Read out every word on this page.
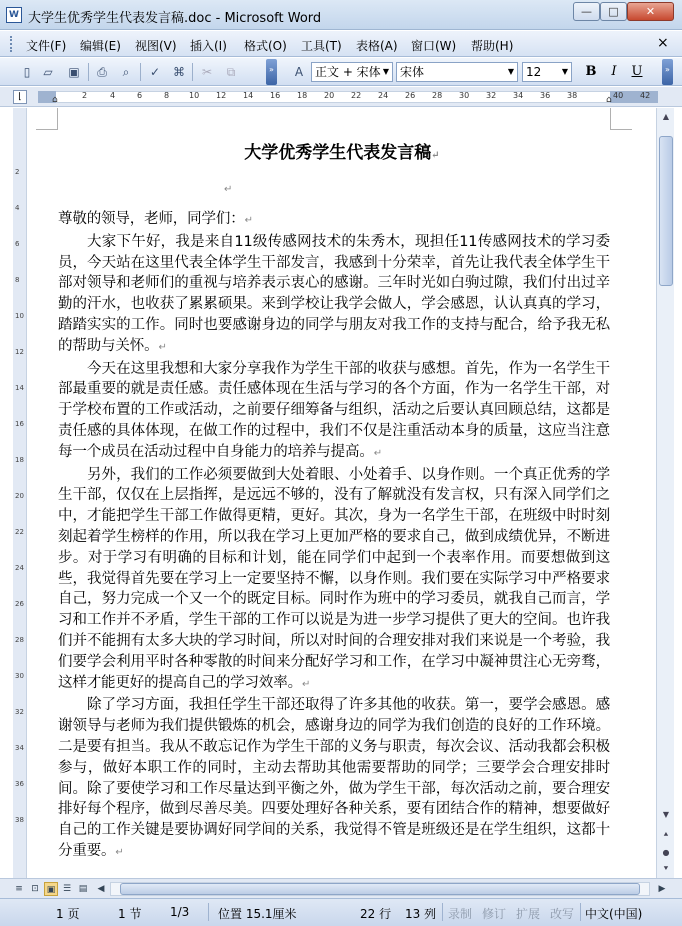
W 大学生优秀学生代表发言稿.doc - Microsoft Word	—	□	✕
文件(F) 编辑(E) 视图(V) 插入(I) 格式(O) 工具(T) 表格(A) 窗口(W) 帮助(H)	×
▯	▱	▣	⎙	⌕	✓	⌘	✂	⧉	»	A 正文 + 宋体 ▼ 宋体	▼ 12	▼ B	I	U	»
⌊	⌂	⌂
2	4	6	8 10 12 14 16 18 20 22 24 26 28 30 32 34 36 38	40 42
2
4
6
8
10
12
14
16
18
20
22
24
26
28
30
32
34
36
38
大学优秀学生代表发言稿↵
↵

尊敬的领导，老师，同学们：↵

大家下午好，我是来自11级传感网技术的朱秀木，现担任11传感网技术的学习委员，今天站在这里代表全体学生干部发言，我感到十分荣幸，首先让我代表全体学生干部对领导和老师们的重视与培养表示衷心的感谢。三年时光如白驹过隙，我们付出过辛勤的汗水，也收获了累累硕果。来到学校让我学会做人，学会感恩，认认真真的学习，踏踏实实的工作。同时也要感谢身边的同学与朋友对我工作的支持与配合，给予我无私的帮助与关怀。↵

今天在这里我想和大家分享我作为学生干部的收获与感想。首先，作为一名学生干部最重要的就是责任感。责任感体现在生活与学习的各个方面，作为一名学生干部，对于学校布置的工作或活动，之前要仔细筹备与组织，活动之后要认真回顾总结，这都是责任感的具体体现，在做工作的过程中，我们不仅是注重活动本身的质量，这应当注意每一个成员在活动过程中自身能力的培养与提高。↵

另外，我们的工作必须要做到大处着眼、小处着手、以身作则。一个真正优秀的学生干部，仅仅在上层指挥，是远远不够的，没有了解就没有发言权，只有深入同学们之中，才能把学生干部工作做得更精，更好。其次，身为一名学生干部，在班级中时时刻刻起着学生榜样的作用，所以我在学习上更加严格的要求自己，做到成绩优异，不断进步。对于学习有明确的目标和计划，能在同学们中起到一个表率作用。而要想做到这些，我觉得首先要在学习上一定要坚持不懈，以身作则。我们要在实际学习中严格要求自己，努力完成一个又一个的既定目标。同时作为班中的学习委员，就我自己而言，学习和工作并不矛盾，学生干部的工作可以说是为进一步学习提供了更大的空间。也许我们并不能拥有太多大块的学习时间，所以对时间的合理安排对我们来说是一个考验，我们要学会利用平时各种零散的时间来分配好学习和工作，在学习中凝神贯注心无旁骛，这样才能更好的提高自己的学习效率。↵

除了学习方面，我担任学生干部还取得了许多其他的收获。第一，要学会感恩。感谢领导与老师为我们提供锻炼的机会，感谢身边的同学为我们创造的良好的工作环境。二是要有担当。我从不敢忘记作为学生干部的义务与职责，每次会议、活动我都会积极参与，做好本职工作的同时，主动去帮助其他需要帮助的同学；三要学会合理安排时间。除了要使学习和工作尽量达到平衡之外，做为学生干部，每次活动之前，要合理安排好每个程序，做到尽善尽美。四要处理好各种关系，要有团结合作的精神，想要做好自己的工作关键是要协调好同学间的关系，我觉得不管是班级还是在学生组织，这都十分重要。↵

▲
▼
⯅
●
⯆
≡ ⊡ ▣ ☰ ▤	◀	▶
1 页	1 节 1/3 位置 15.1厘米	22 行 13 列 录制 修订 扩展 改写 中文(中国)
